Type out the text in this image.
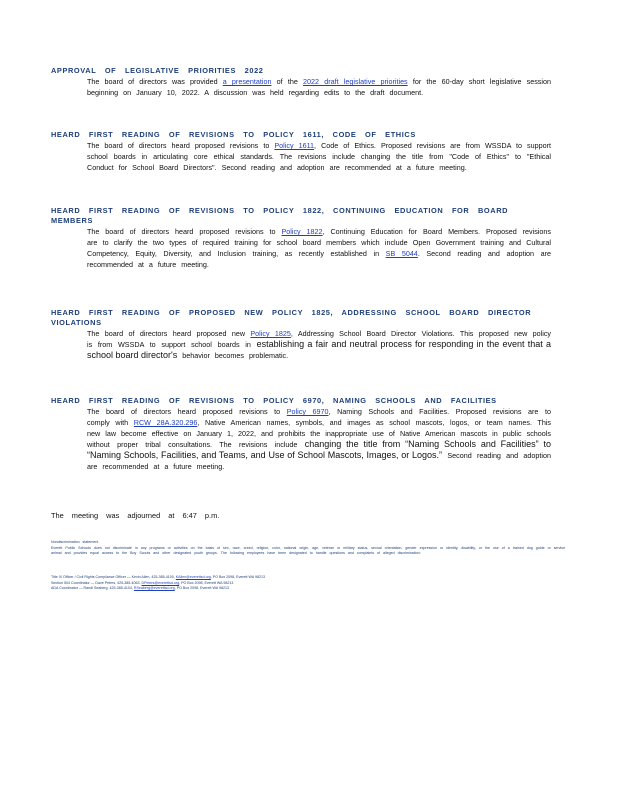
APPROVAL OF LEGISLATIVE PRIORITIES 2022
The board of directors was provided a presentation of the 2022 draft legislative priorities for the 60-day short legislative session beginning on January 10, 2022. A discussion was held regarding edits to the draft document.
HEARD FIRST READING OF REVISIONS TO POLICY 1611, CODE OF ETHICS
The board of directors heard proposed revisions to Policy 1611, Code of Ethics. Proposed revisions are from WSSDA to support school boards in articulating core ethical standards. The revisions include changing the title from "Code of Ethics" to "Ethical Conduct for School Board Directors". Second reading and adoption are recommended at a future meeting.
HEARD FIRST READING OF REVISIONS TO POLICY 1822, CONTINUING EDUCATION FOR BOARD MEMBERS
The board of directors heard proposed revisions to Policy 1822, Continuing Education for Board Members. Proposed revisions are to clarify the two types of required training for school board members which include Open Government training and Cultural Competency, Equity, Diversity, and Inclusion training, as recently established in SB 5044. Second reading and adoption are recommended at a future meeting.
HEARD FIRST READING OF PROPOSED NEW POLICY 1825, ADDRESSING SCHOOL BOARD DIRECTOR VIOLATIONS
The board of directors heard proposed new Policy 1825, Addressing School Board Director Violations. This proposed new policy is from WSSDA to support school boards in establishing a fair and neutral process for responding in the event that a school board director's behavior becomes problematic.
HEARD FIRST READING OF REVISIONS TO POLICY 6970, NAMING SCHOOLS AND FACILITIES
The board of directors heard proposed revisions to Policy 6970, Naming Schools and Facilities. Proposed revisions are to comply with RCW 28A.320.296, Native American names, symbols, and images as school mascots, logos, or team names. This new law become effective on January 1, 2022, and prohibits the inappropriate use of Native American mascots in public schools without proper tribal consultations. The revisions include changing the title from “Naming Schools and Facilities” to “Naming Schools, Facilities, and Teams, and Use of School Mascots, Images, or Logos.” Second reading and adoption are recommended at a future meeting.
The meeting was adjourned at 6:47 p.m.
Nondiscrimination statement
Everett Public Schools does not discriminate in any programs or activities on the basis of sex, race, creed, religion, color, national origin, age, veteran or military status, sexual orientation, gender expression or identity, disability, or the use of a trained dog guide or service animal and provides equal access to the Boy Scouts and other designated youth groups. The following employees have been designated to handle questions and complaints of alleged discrimination:
Title IX Officer / Civil Rights Compliance Officer — Kevin Allen, 425-385-4100, KAllen@everettsd.org, PO Box 2098, Everett WA 98213
Section 504 Coordinator — Dave Peters, 425-385-4063, DPeters@everettsd.org, PO Box 2098, Everett WA 98213
ADA Coordinator — Randi Seaberg, 425-385-4104, RSeaberg@everettsd.org, PO Box 2098, Everett WA 98213
